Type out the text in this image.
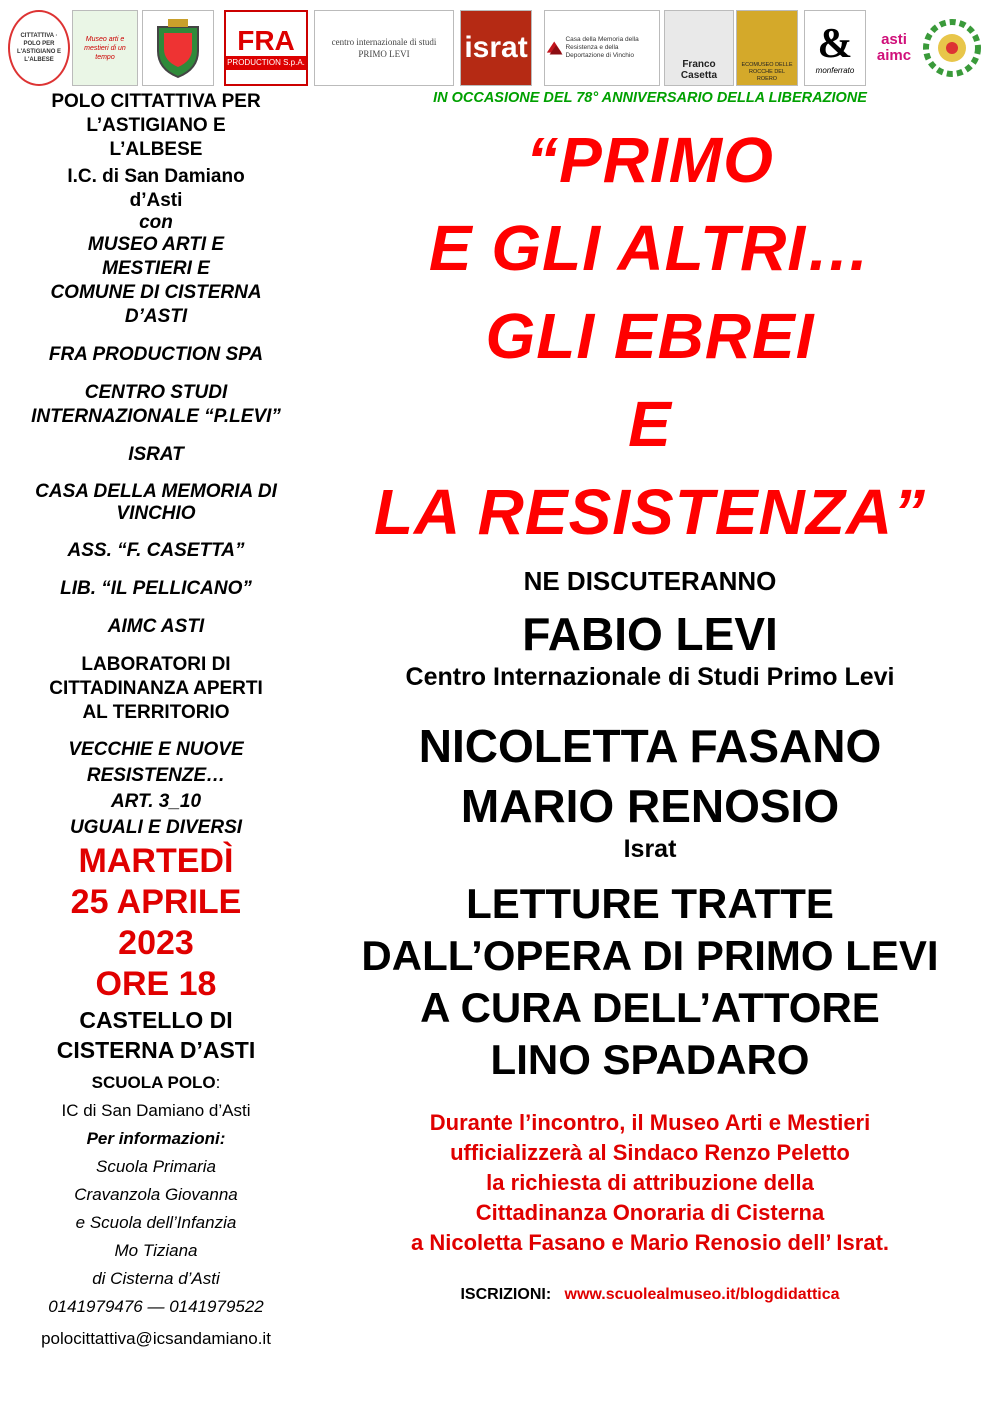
CITTATTIVA · POLO PER L'ASTIGIANO E L'ALBESE
Museo arti e mestieri di un tempo
FRA
PRODUCTION S.p.A.
centro internazionale di studi PRIMO LEVI	israt	Casa della Memoria della Resistenza e della Deportazione di Vinchio
Franco Casetta
ECOMUSEO DELLE ROCCHE DEL ROERO
&
monferrato
asti aimc

POLO CITTATTIVA PER

L’ASTIGIANO E

L’ALBESE

I.C. di San Damiano

d’Asti

con

MUSEO ARTI E

MESTIERI E

COMUNE DI CISTERNA

D’ASTI

FRA PRODUCTION SPA

CENTRO STUDI

INTERNAZIONALE “P.LEVI”

ISRAT

CASA DELLA MEMORIA DI

VINCHIO

ASS. “F. CASETTA”

LIB. “IL PELLICANO”

AIMC ASTI

LABORATORI DI

CITTADINANZA APERTI

AL TERRITORIO

VECCHIE E NUOVE

RESISTENZE…

ART. 3_10

UGUALI E DIVERSI

MARTEDÌ

25 APRILE

2023

ORE 18

CASTELLO DI

CISTERNA D’ASTI

SCUOLA POLO:

IC di San Damiano d’Asti

Per informazioni:

Scuola Primaria

Cravanzola Giovanna

e Scuola dell’Infanzia

Mo Tiziana

di Cisterna d’Asti

0141979476 — 0141979522

polocittattiva@icsandamiano.it

IN OCCASIONE DEL 78° ANNIVERSARIO DELLA LIBERAZIONE

“PRIMO

E GLI ALTRI…

GLI EBREI

E

LA RESISTENZA”

NE DISCUTERANNO

FABIO LEVI

Centro Internazionale di Studi Primo Levi

NICOLETTA FASANO

MARIO RENOSIO

Israt

LETTURE TRATTE

DALL’OPERA DI PRIMO LEVI

A CURA DELL’ATTORE

LINO SPADARO

Durante l’incontro, il Museo Arti e Mestieri

ufficializzerà al Sindaco Renzo Peletto

la richiesta di attribuzione della

Cittadinanza Onoraria di Cisterna

a Nicoletta Fasano e Mario Renosio dell’ Israt.

ISCRIZIONI: www.scuolealmuseo.it/blogdidattica
